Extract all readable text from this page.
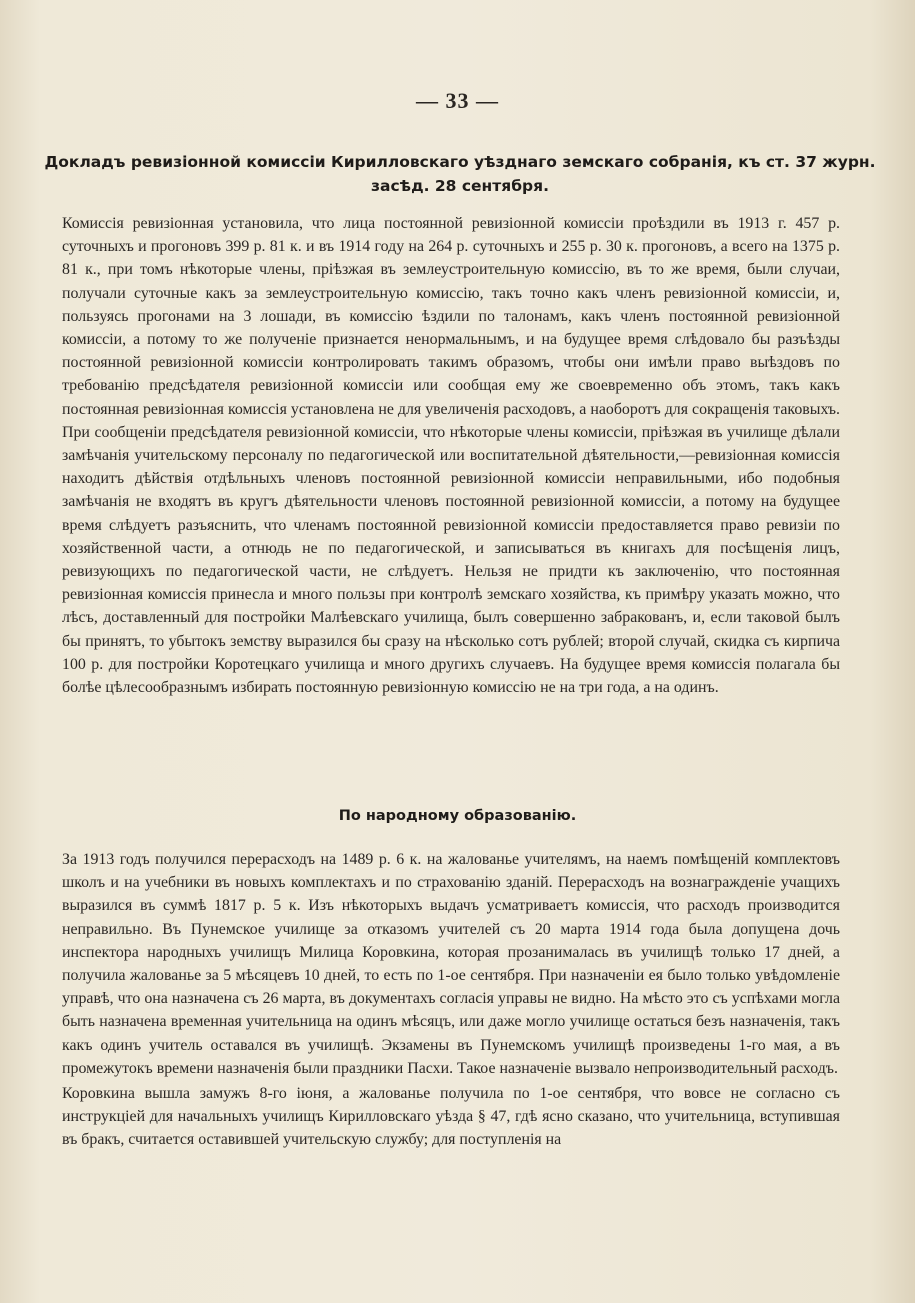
— 33 —
Докладъ ревизіонной комиссіи Кирилловскаго уѣзднаго земскаго собранія, къ ст. 37 журн. засѣд. 28 сентября.

Комиссія ревизіонная установила, что лица постоянной ревизіонной комиссіи проѣздили въ 1913 г. 457 р. суточныхъ и прогоновъ 399 р. 81 к. и въ 1914 году на 264 р. суточныхъ и 255 р. 30 к. прогоновъ, а всего на 1375 р. 81 к., при томъ нѣкоторые члены, пріѣзжая въ землеустроительную комиссію, въ то же время, были случаи, получали суточные какъ за землеустроительную комиссію, такъ точно какъ членъ ревизіонной комиссіи, и, пользуясь прогонами на 3 лошади, въ комиссію ѣздили по талонамъ, какъ членъ постоянной ревизіонной комиссіи, а потому то же полученіе признается ненормальнымъ, и на будущее время слѣдовало бы разъѣзды постоянной ревизіонной комиссіи контролировать такимъ образомъ, чтобы они имѣли право выѣздовъ по требованію предсѣдателя ревизіонной комиссіи или сообщая ему же своевременно объ этомъ, такъ какъ постоянная ревизіонная комиссія установлена не для увеличенія расходовъ, а наоборотъ для сокращенія таковыхъ. При сообщеніи предсѣдателя ревизіонной комиссіи, что нѣкоторые члены комиссіи, пріѣзжая въ училище дѣлали замѣчанія учительскому персоналу по педагогической или воспитательной дѣятельности,—ревизіонная комиссія находитъ дѣйствія отдѣльныхъ членовъ постоянной ревизіонной комиссіи неправильными, ибо подобныя замѣчанія не входятъ въ кругъ дѣятельности членовъ постоянной ревизіонной комиссіи, а потому на будущее время слѣдуетъ разъяснить, что членамъ постоянной ревизіонной комиссіи предоставляется право ревизіи по хозяйственной части, а отнюдь не по педагогической, и записываться въ книгахъ для посѣщенія лицъ, ревизующихъ по педагогической части, не слѣдуетъ. Нельзя не придти къ заключенію, что постоянная ревизіонная комиссія принесла и много пользы при контролѣ земскаго хозяйства, къ примѣру указать можно, что лѣсъ, доставленный для постройки Малѣевскаго училища, былъ совершенно забракованъ, и, если таковой былъ бы принятъ, то убытокъ земству выразился бы сразу на нѣсколько сотъ рублей; второй случай, скидка съ кирпича 100 р. для постройки Коротецкаго училища и много другихъ случаевъ. На будущее время комиссія полагала бы болѣе цѣлесообразнымъ избирать постоянную ревизіонную комиссію не на три года, а на одинъ.

По народному образованію.

За 1913 годъ получился перерасходъ на 1489 р. 6 к. на жалованье учителямъ, на наемъ помѣщеній комплектовъ школъ и на учебники въ новыхъ комплектахъ и по страхованію зданій. Перерасходъ на вознагражденіе учащихъ выразился въ суммѣ 1817 р. 5 к. Изъ нѣкоторыхъ выдачъ усматриваетъ комиссія, что расходъ производится неправильно. Въ Пунемское училище за отказомъ учителей съ 20 марта 1914 года была допущена дочь инспектора народныхъ училищъ Милица Коровкина, которая прозанималась въ училищѣ только 17 дней, а получила жалованье за 5 мѣсяцевъ 10 дней, то есть по 1-ое сентября. При назначеніи ея было только увѣдомленіе управѣ, что она назначена съ 26 марта, въ документахъ согласія управы не видно. На мѣсто это съ успѣхами могла быть назначена временная учительница на одинъ мѣсяцъ, или даже могло училище остаться безъ назначенія, такъ какъ одинъ учитель оставался въ училищѣ. Экзамены въ Пунемскомъ училищѣ произведены 1-го мая, а въ промежутокъ времени назначенія были праздники Пасхи. Такое назначеніе вызвало непроизводительный расходъ.

Коровкина вышла замужъ 8-го іюня, а жалованье получила по 1-ое сентября, что вовсе не согласно съ инструкціей для начальныхъ училищъ Кирилловскаго уѣзда § 47, гдѣ ясно сказано, что учительница, вступившая въ бракъ, считается оставившей учительскую службу; для поступленія на
